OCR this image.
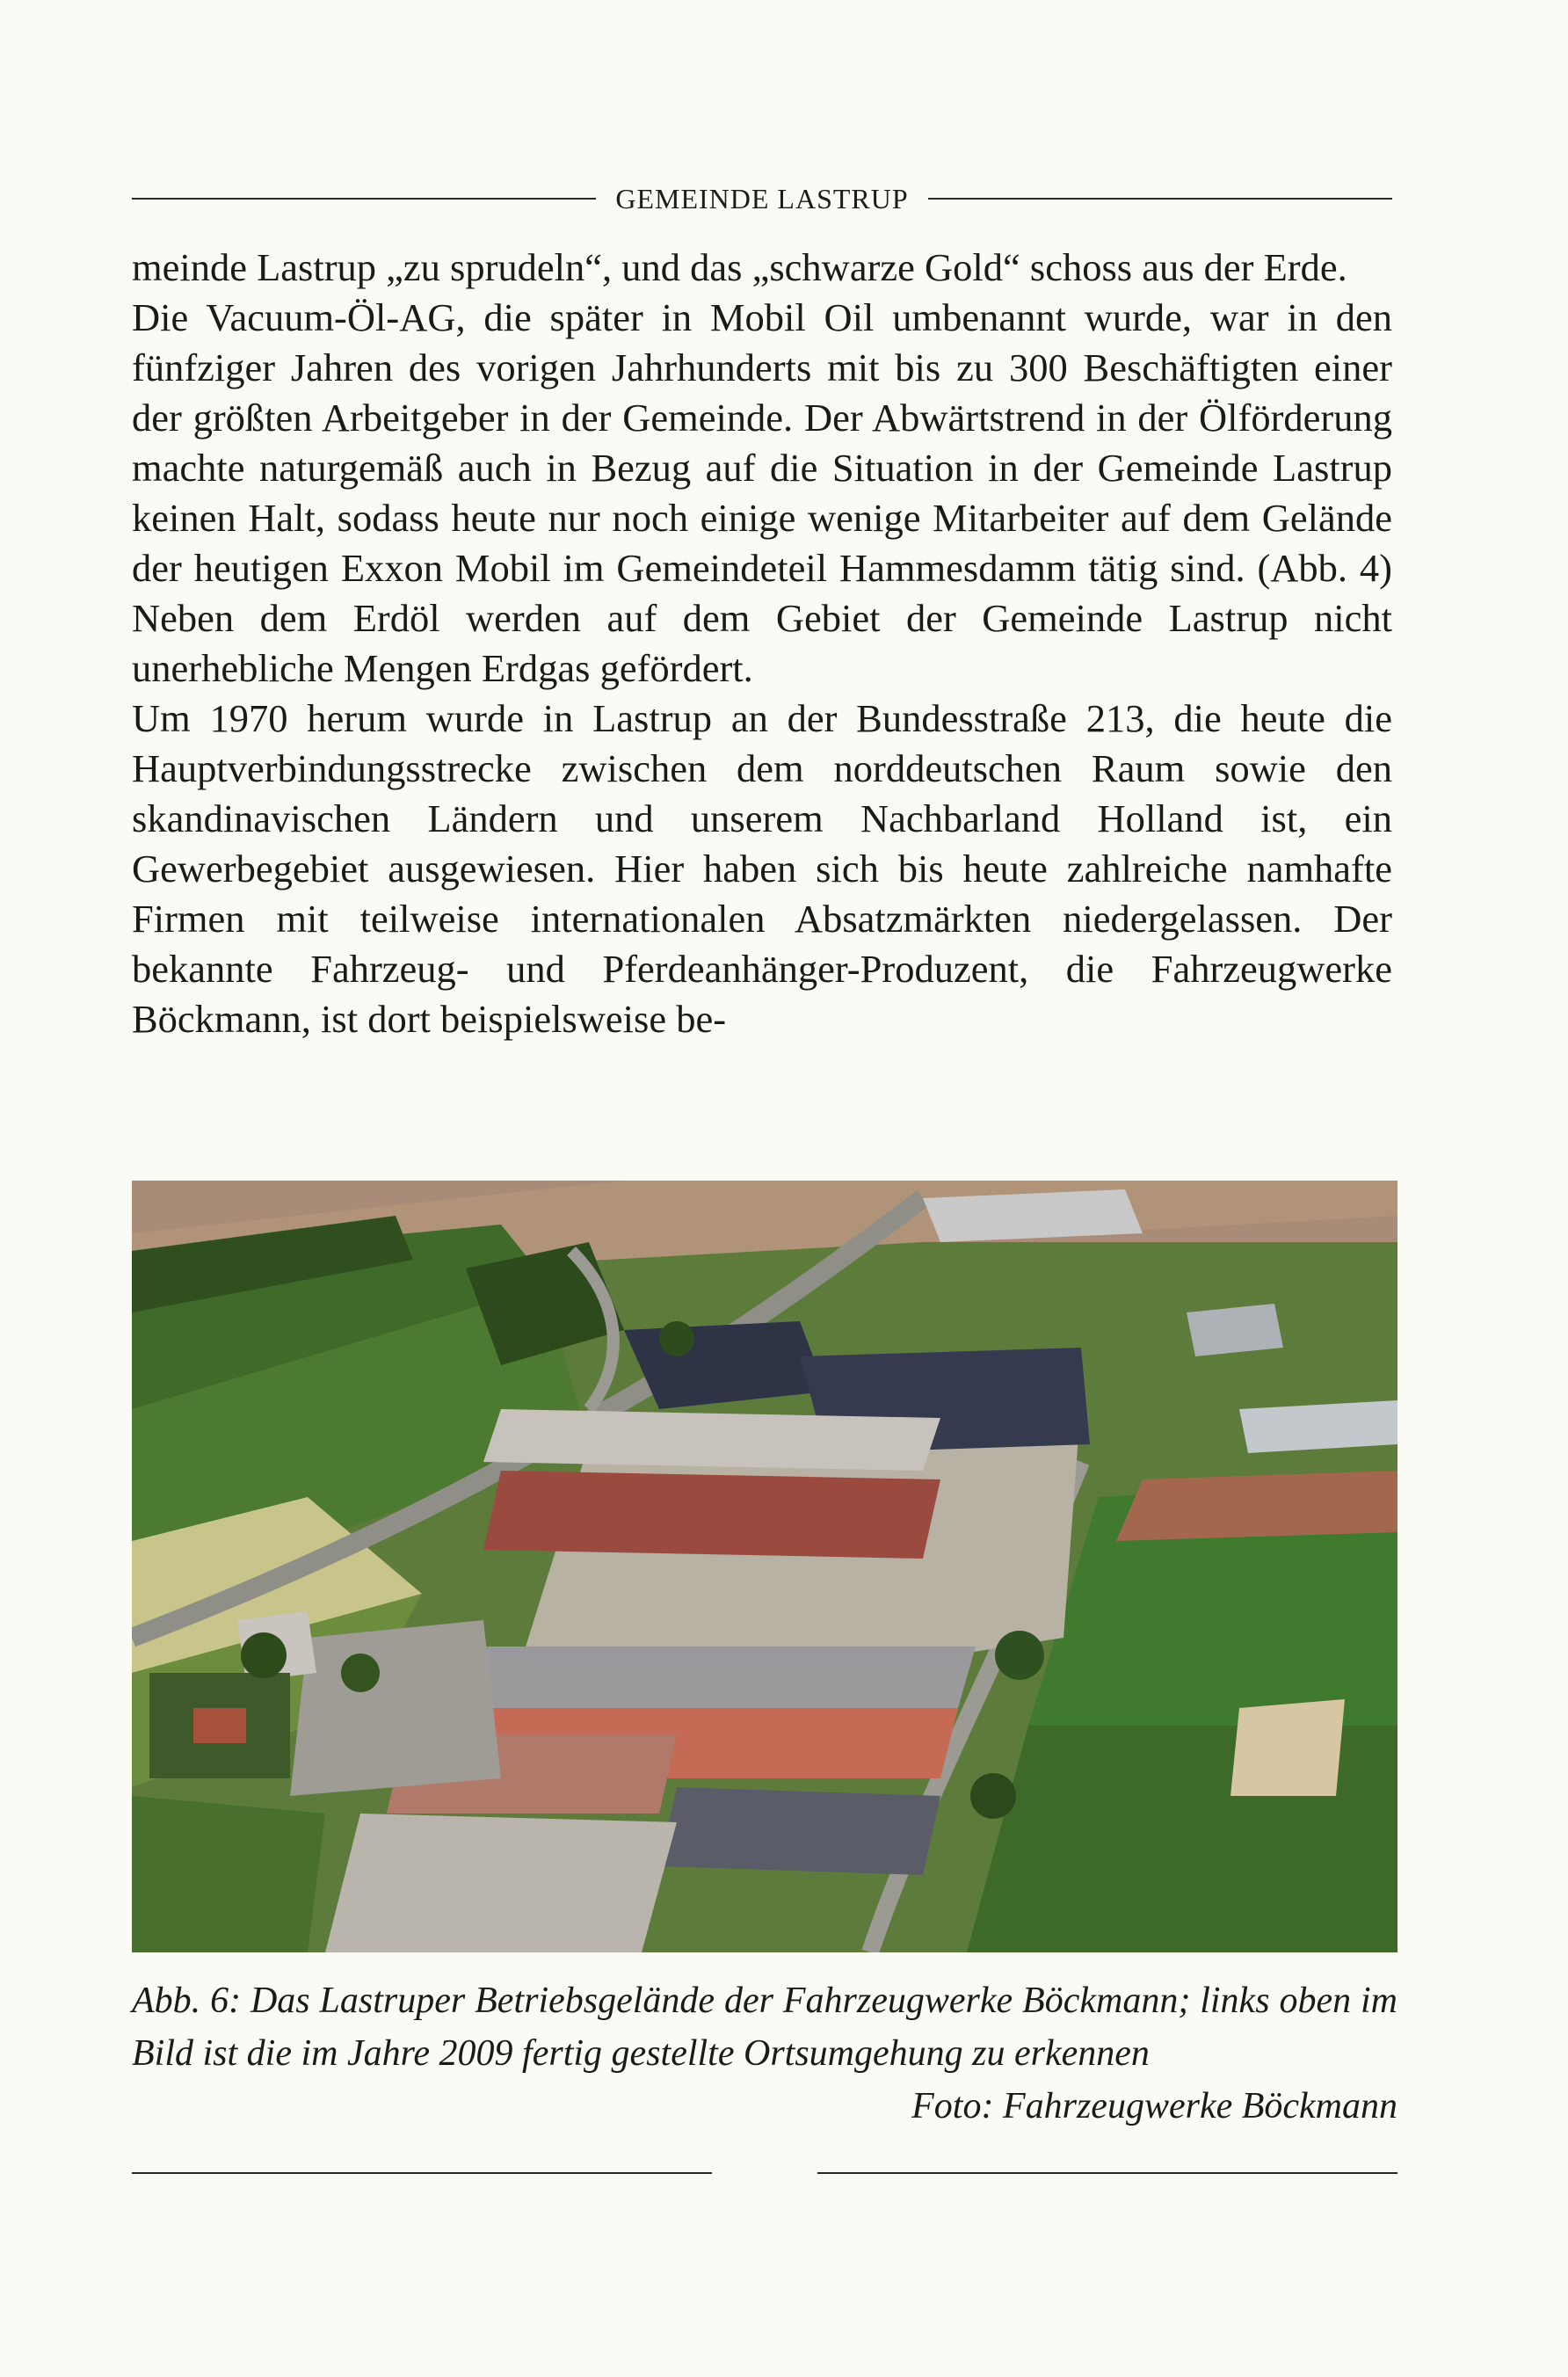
GEMEINDE LASTRUP

meinde Lastrup „zu sprudeln“, und das „schwarze Gold“ schoss aus der Erde.

Die Vacuum-Öl-AG, die später in Mobil Oil umbenannt wurde, war in den fünfziger Jahren des vorigen Jahrhunderts mit bis zu 300 Beschäftigten einer der größten Arbeitgeber in der Gemeinde. Der Abwärtstrend in der Ölförderung machte naturgemäß auch in Bezug auf die Situation in der Gemeinde Lastrup keinen Halt, sodass heute nur noch einige wenige Mitarbeiter auf dem Gelände der heutigen Exxon Mobil im Gemeindeteil Hammesdamm tätig sind. (Abb. 4) Neben dem Erdöl werden auf dem Gebiet der Gemeinde Lastrup nicht unerhebliche Mengen Erdgas gefördert.

Um 1970 herum wurde in Lastrup an der Bundesstraße 213, die heute die Hauptverbindungsstrecke zwischen dem norddeutschen Raum sowie den skandinavischen Ländern und unserem Nachbarland Holland ist, ein Gewerbegebiet ausgewiesen. Hier haben sich bis heute zahlreiche namhafte Firmen mit teilweise internationalen Absatzmärkten niedergelassen. Der bekannte Fahrzeug- und Pferdeanhänger-Produzent, die Fahrzeugwerke Böckmann, ist dort beispielsweise be-

Abb. 6: Das Lastruper Betriebsgelände der Fahrzeugwerke Böckmann; links oben im Bild ist die im Jahre 2009 fertig gestellte Ortsumgehung zu erkennen
Foto: Fahrzeugwerke Böckmann
